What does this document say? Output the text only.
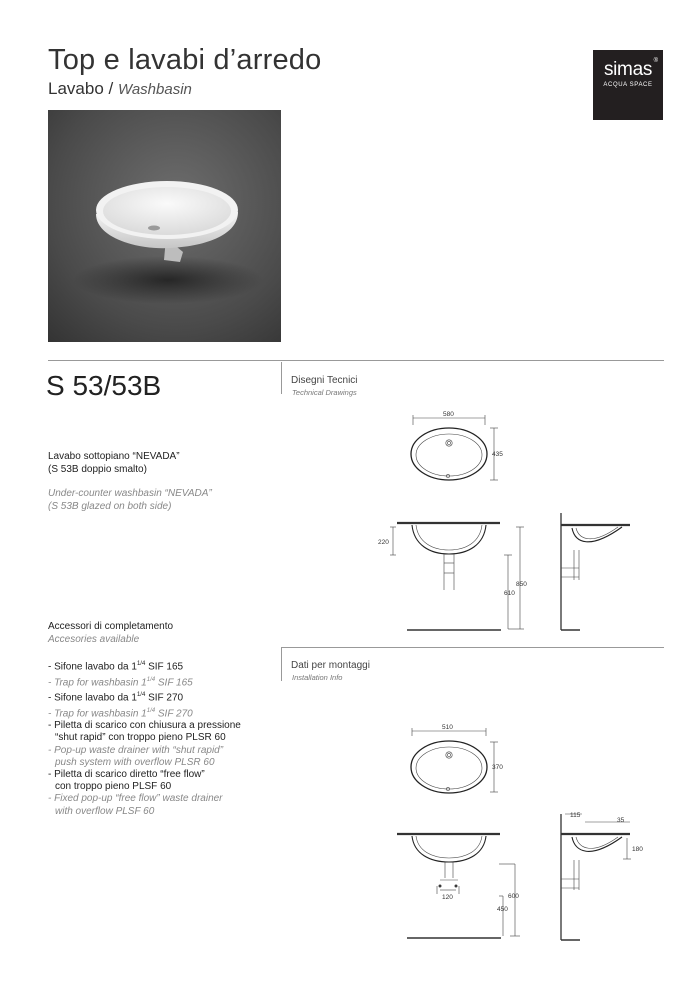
Top e lavabi d’arredo
Lavabo / Washbasin
simas ®
ACQUA SPACE
S 53/53B	Disegni Tecnici
Technical Drawings
Lavabo sottopiano “NEVADA”
(S 53B doppio smalto)
Under-counter washbasin “NEVADA”
(S 53B glazed on both side)
Accessori di completamento
Accesories available
- Sifone lavabo da $1^{1/4}$ SIF 165
- Trap for washbasin $1^{1/4}$ SIF 165
- Sifone lavabo da $1^{1/4}$ SIF 270
- Trap for washbasin $1^{1/4}$ SIF 270
- Piletta di scarico con chiusura a pressione
“shut rapid” con troppo pieno PLSR 60
- Pop-up waste drainer with “shut rapid”
push system with overflow PLSR 60
- Piletta di scarico diretto “free flow”
con troppo pieno PLSF 60
- Fixed pop-up “free flow” waste drainer
with overflow PLSF 60
580
435
220
610
850
Dati per montaggi
Installation Info
510
370
120
450
600
115
35
180
